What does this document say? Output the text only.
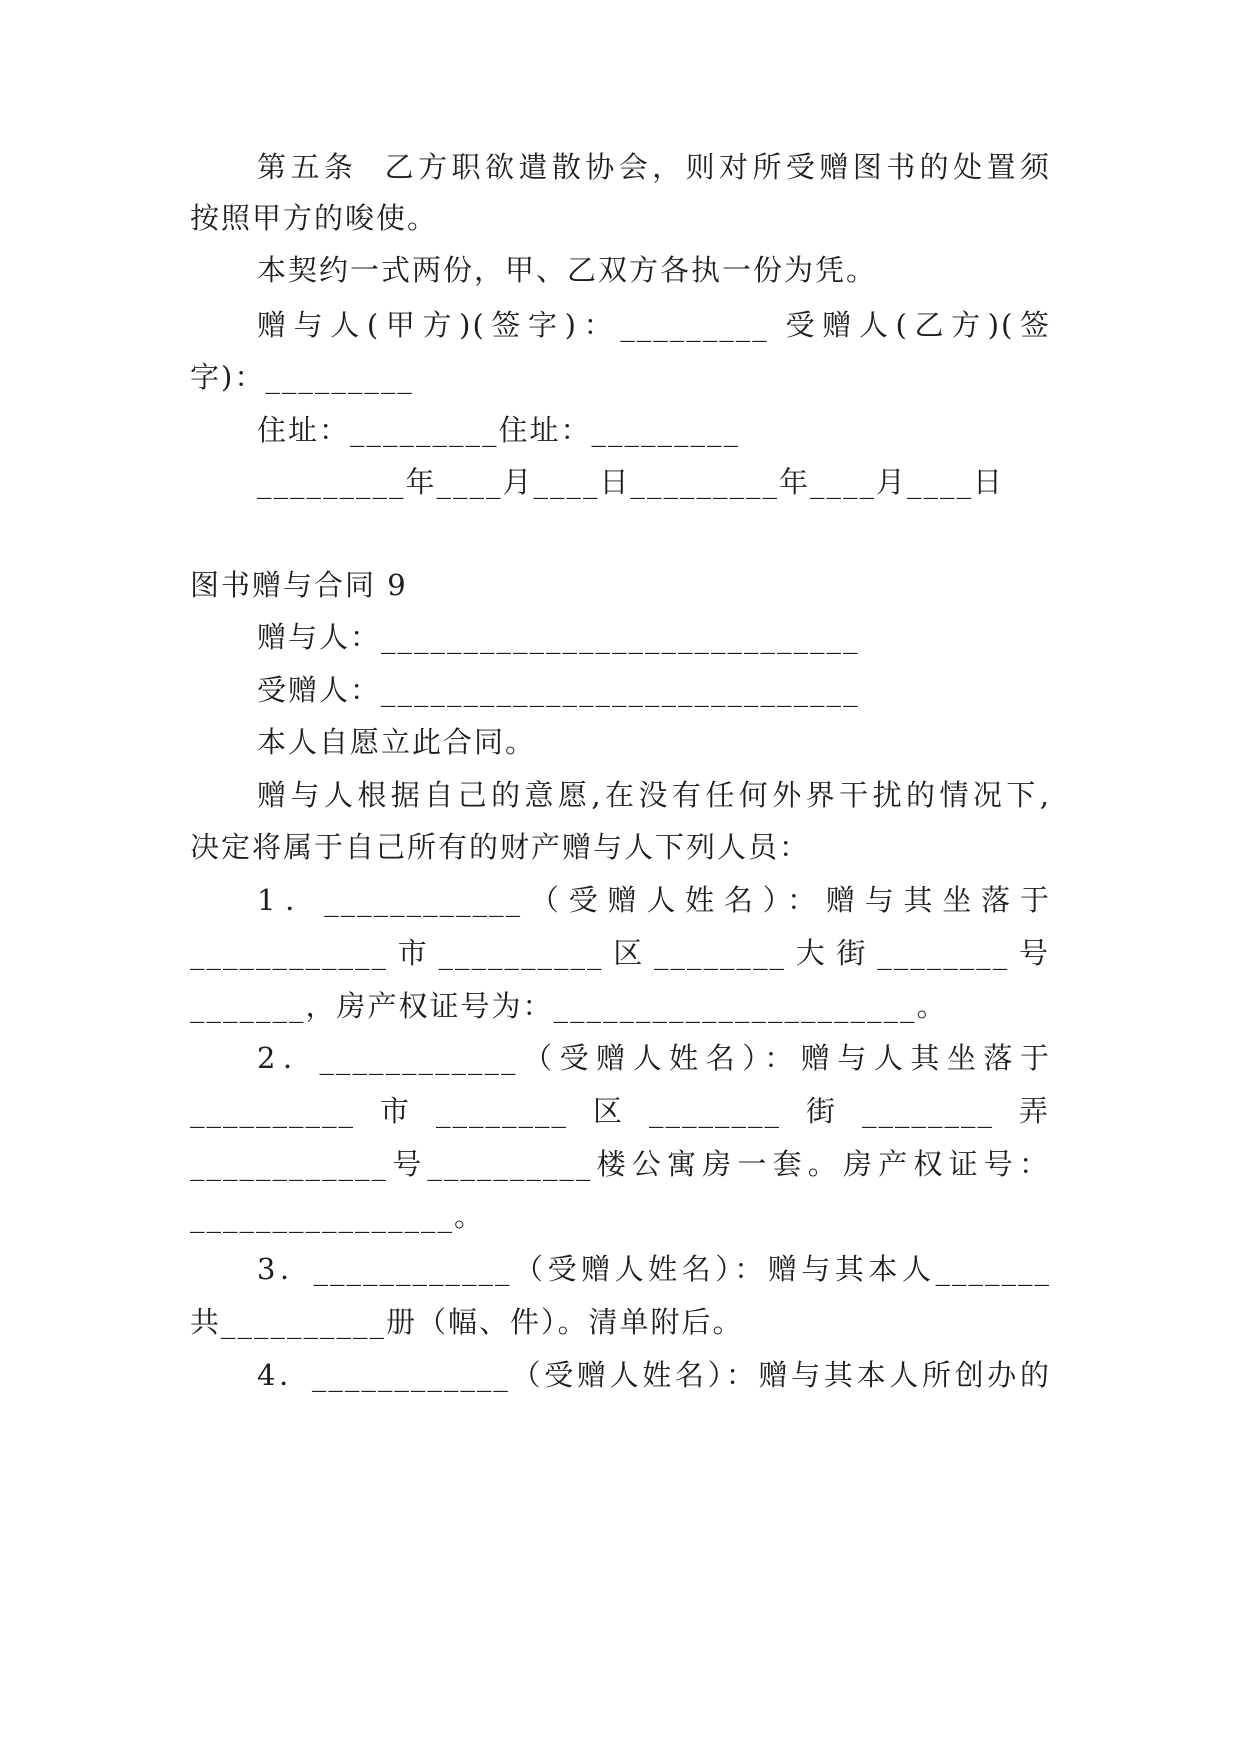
第五条  乙方职欲遣散协会，则对所受赠图书的处置须
按照甲方的唆使。
本契约一式两份，甲、乙双方各执一份为凭。
赠与人(甲方)(签字)：_________ 受赠人(乙方)(签
字)：_________
住址：_________住址：_________
_________年____月____日_________年____月____日
图书赠与合同 9
赠与人：_____________________________
受赠人：_____________________________
本人自愿立此合同。
赠与人根据自己的意愿,在没有任何外界干扰的情况下,
决定将属于自己所有的财产赠与人下列人员：
1．____________（受赠人姓名）：赠与其坐落于
____________市__________区________大街________号
_______，房产权证号为：______________________。
2．____________（受赠人姓名）：赠与人其坐落于
__________市________区________街________弄
____________号__________楼公寓房一套。房产权证号：
________________。
3．____________（受赠人姓名）：赠与其本人_______
共__________册（幅、件）。清单附后。
4．____________（受赠人姓名）：赠与其本人所创办的
